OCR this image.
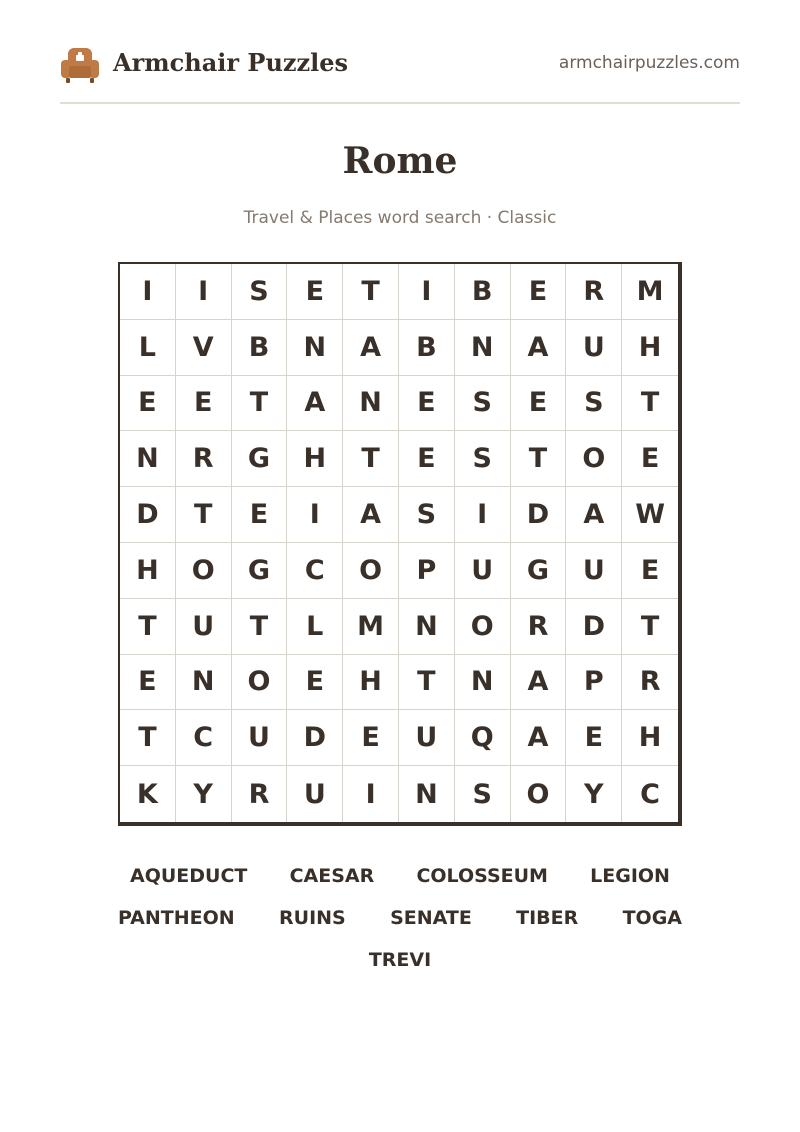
Armchair Puzzles	armchairpuzzles.com
Rome
Travel & Places word search · Classic
I	I	S	E	T	I	B	E	R	M
L	V	B	N	A	B	N	A	U	H
E	E	T	A	N	E	S	E	S	T
N	R	G	H	T	E	S	T	O	E
D	T	E	I	A	S	I	D	A	W
H	O	G	C	O	P	U	G	U	E
T	U	T	L	M	N	O	R	D	T
E	N	O	E	H	T	N	A	P	R
T	C	U	D	E	U	Q	A	E	H
K	Y	R	U	I	N	S	O	Y	C
AQUEDUCT CAESAR COLOSSEUM LEGION
PANTHEON RUINS SENATE TIBER TOGA
TREVI
